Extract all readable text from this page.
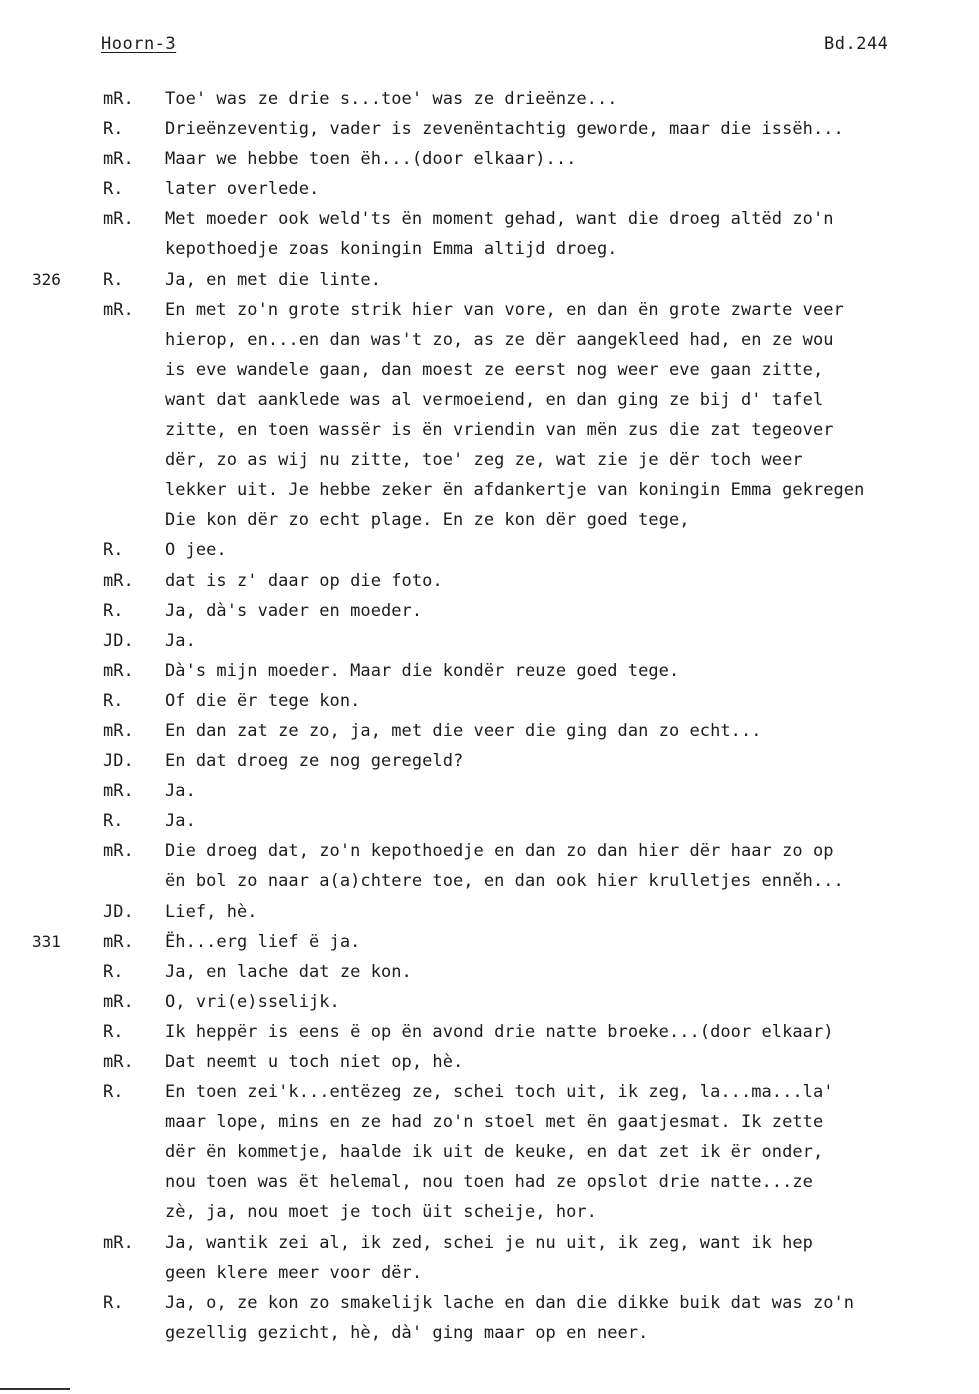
Hoorn-3	Bd.244
mR. Toe' was ze drie s...toe' was ze drieënze...
R. Drieënzeventig, vader is zevenëntachtig geworde, maar die issëh...
mR. Maar we hebbe toen ëh...(door elkaar)...
R. later overlede.
mR. Met moeder ook weld'ts ën moment gehad, want die droeg altëd zo'n
kepothoedje zoas koningin Emma altijd droeg.
326 R. Ja, en met die linte.
mR. En met zo'n grote strik hier van vore, en dan ën grote zwarte veer
hierop, en...en dan was't zo, as ze dër aangekleed had, en ze wou
is eve wandele gaan, dan moest ze eerst nog weer eve gaan zitte,
want dat aanklede was al vermoeiend, en dan ging ze bij d' tafel
zitte, en toen wassër is ën vriendin van mën zus die zat tegeover
dër, zo as wij nu zitte, toe' zeg ze, wat zie je dër toch weer
lekker uit. Je hebbe zeker ën afdankertje van koningin Emma gekregen
Die kon dër zo echt plage. En ze kon dër goed tege,
R. O jee.
mR. dat is z' daar op die foto.
R. Ja, dà's vader en moeder.
JD. Ja.
mR. Dà's mijn moeder. Maar die kondër reuze goed tege.
R. Of die ër tege kon.
mR. En dan zat ze zo, ja, met die veer die ging dan zo echt...
JD. En dat droeg ze nog geregeld?
mR. Ja.
R. Ja.
mR. Die droeg dat, zo'n kepothoedje en dan zo dan hier dër haar zo op
ën bol zo naar a(a)chtere toe, en dan ook hier krulletjes enněh...
JD. Lief, hè.
331 mR. Ëh...erg lief ë ja.
R. Ja, en lache dat ze kon.
mR. O, vri(e)sselijk.
R. Ik heppër is eens ë op ën avond drie natte broeke...(door elkaar)
mR. Dat neemt u toch niet op, hè.
R. En toen zei'k...entëzeg ze, schei toch uit, ik zeg, la...ma...la'
maar lope, mins en ze had zo'n stoel met ën gaatjesmat. Ik zette
dër ën kommetje, haalde ik uit de keuke, en dat zet ik ër onder,
nou toen was ët helemal, nou toen had ze opslot drie natte...ze
zè, ja, nou moet je toch üit scheije, hor.
mR. Ja, wantik zei al, ik zed, schei je nu uit, ik zeg, want ik hep
geen klere meer voor dër.
R. Ja, o, ze kon zo smakelijk lache en dan die dikke buik dat was zo'n
gezellig gezicht, hè, dà' ging maar op en neer.
